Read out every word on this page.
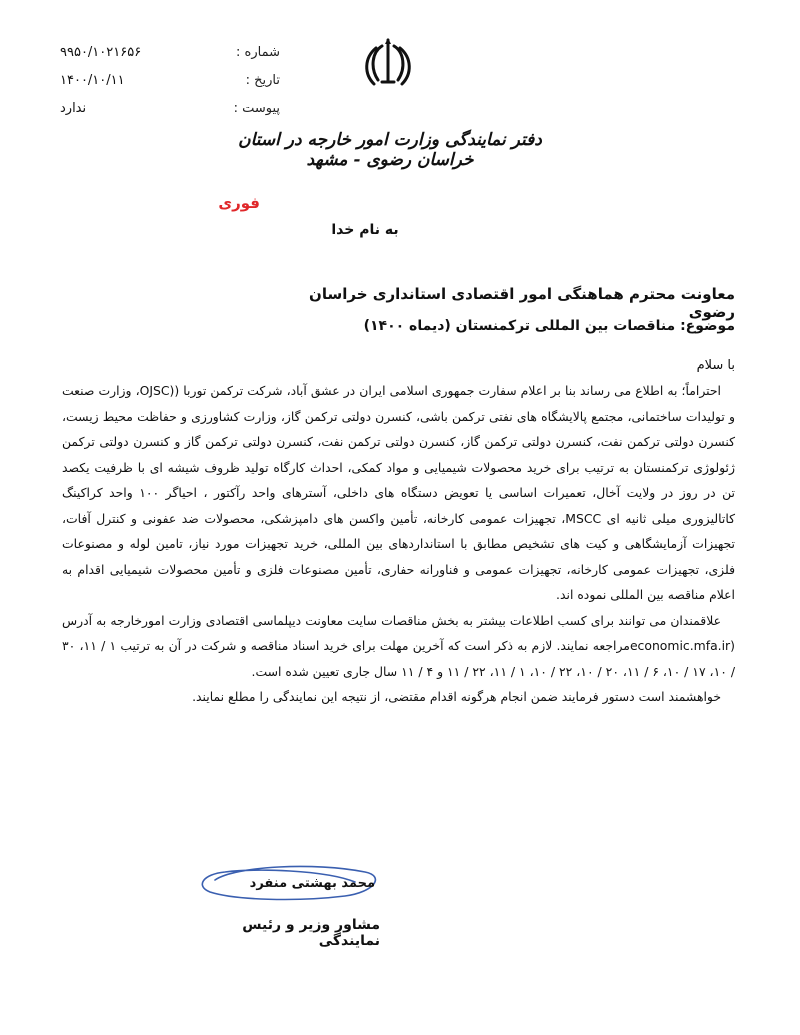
شماره :
۹۹۵۰/۱۰۲۱۶۵۶
تاریخ :
۱۴۰۰/۱۰/۱۱
پیوست :
ندارد
دفتر نمایندگی وزارت امور خارجه در استان خراسان رضوی - مشهد
فوری
به نام خدا
معاونت محترم هماهنگی امور اقتصادی استانداری خراسان رضوی
موضوع: مناقصات بین المللی ترکمنستان (دیماه ۱۴۰۰)
با سلام

احتراماً؛ به اطلاع می رساند بنا بر اعلام سفارت جمهوری اسلامی ایران در عشق آباد، شرکت ترکمن توربا ((OJSC، وزارت صنعت و تولیدات ساختمانی، مجتمع پالایشگاه های نفتی ترکمن باشی، کنسرن دولتی ترکمن گاز، وزارت کشاورزی و حفاظت محیط زیست، کنسرن دولتی ترکمن نفت، کنسرن دولتی ترکمن گاز، کنسرن دولتی ترکمن نفت، کنسرن دولتی ترکمن گاز و کنسرن دولتی ترکمن ژئولوژی ترکمنستان به ترتیب برای خرید محصولات شیمیایی و مواد کمکی، احداث کارگاه تولید ظروف شیشه ای با ظرفیت یکصد تن در روز در ولایت آخال، تعمیرات اساسی یا تعویض دستگاه های داخلی، آسترهای واحد رآکتور ، احیاگر ۱۰۰ واحد کراکینگ کاتالیزوری میلی ثانیه ای MSCC، تجهیزات عمومی کارخانه، تأمین واکسن های دامپزشکی، محصولات ضد عفونی و کنترل آفات، تجهیزات آزمایشگاهی و کیت های تشخیص مطابق با استانداردهای بین المللی، خرید تجهیزات مورد نیاز، تامین لوله و مصنوعات فلزی، تجهیزات عمومی کارخانه، تجهیزات عمومی و فناورانه حفاری، تأمین مصنوعات فلزی و تأمین محصولات شیمیایی اقدام به اعلام مناقصه بین المللی نموده اند.

علاقمندان می توانند برای کسب اطلاعات بیشتر به بخش مناقصات سایت معاونت دیپلماسی اقتصادی وزارت امورخارجه به آدرس (economic.mfa.irمراجعه نمایند. لازم به ذکر است که آخرین مهلت برای خرید اسناد مناقصه و شرکت در آن به ترتیب ۱ / ۱۱، ۳۰ / ۱۰، ۱۷ / ۱۰، ۶ / ۱۱، ۲۰ / ۱۰، ۲۲ / ۱۰، ۱ / ۱۱، ۲۲ / ۱۱ و ۴ / ۱۱ سال جاری تعیین شده است.

خواهشمند است دستور فرمایند ضمن انجام هرگونه اقدام مقتضی، از نتیجه این نمایندگی را مطلع نمایند.

محمد بهشتی منفرد
مشاور وزیر و رئیس نمایندگی
